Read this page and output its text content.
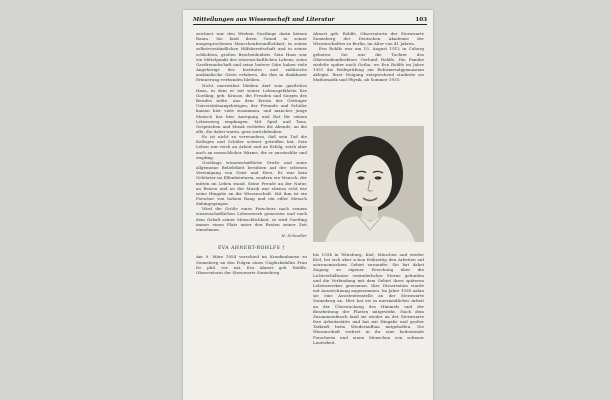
Mitteilungen aus Wissenschaft und Literatur	103

zeichnet war den Werken Goetlings darin keinen Raum. Sie fand ihren Grund in seiner ausgesprochenen Menschenfreundlichkeit, in seiner selbstverständlichen Hilfsbereitschaft und in seiner schlichten, großen Bescheidenheit. Sein Haus war ein Mittelpunkt des wissenschaftlichen Lebens; seine Gastfreundschaft und seine heitere Güte haben viele Angehörige des Institutes und zahlreiche ausländische Gäste erfahren, die ihm in dankbarer Erinnerung verbunden bleiben.

Nicht unerwähnt bleiben darf sein gastliches Haus, in dem er mit seiner Lebensgefährtin Ilse Goetling, geb. Krause, die Freuden und Sorgen des Berufes teilte. Aus dem Kreise der Göttinger Universitätsangehörigen, der Freunde und Schüler kamen hier viele zusammen, und mancher junge Mensch hat hier Anregung und Rat für seinen Lebensweg empfangen. Mit Spiel und Tanz, Gesprächen und Musik verliefen die Abende, an die alle, die dabei waren, gern zurückdenken.

Es ist nicht zu verwundern, daß sein Tod die Kollegen und Schüler schwer getroffen hat. Sein Leben war reich an Arbeit und an Erfolg, reich aber auch an menschlicher Wärme, die er ausstrahlte und empfing.

Goetlings wissenschaftliche Größe und seine allgemeine Beliebtheit beruhten auf der seltenen Vereinigung von Geist und Herz. Er war kein Gelehrter im Elfenbeinturm, sondern ein Mensch, der mitten im Leben stand. Seine Freude an der Natur, an Reisen und an der Musik war ebenso echt wie seine Hingabe an die Wissenschaft. Mit ihm ist ein Forscher von hohem Rang und ein edler Mensch dahingegangen.

Wird die Größe eines Forschers nach seinem wissenschaftlichen Lebenswerk gemessen und nach dem Gehalt seiner Menschlichkeit, so wird Goetling immer einen Platz unter den Besten seiner Zeit einnehmen.

H. Schneller
EVA AHNERT-ROHLFS †

Am 9. März 1954 verschied im Krankenhause zu Sonneberg an den Folgen eines Unglücksfalles Frau Dr. phil. rer. nat. Eva Ahnert geb. Rohlfs, Observatorin der Sternwarte Sonneberg

Ahnert geb. Rohlfs, Observatorin der Sternwarte Sonneberg der Deutschen Akademie der Wissenschaften zu Berlin, im Alter von 41 Jahren.

Eva Rohlfs war am 15. August 1912 in Coburg geboren. Sie war die Tochter des Oberstudiendirektors Gerhard Rohlfs. Die Familie siedelte später nach Gotha, wo Eva Rohlfs im Jahre 1931 die Reifeprüfung am Reformrealgymnasium ablegte. Ihrer Neigung entsprechend studierte sie Mathematik und Physik, ab Sommer 1931:

bis 1934 in Würzburg, Kiel, München und wieder Kiel, bei sich aber schon frühzeitig den Arbeiten auf astronomischem Gebiet zuwandte. Sie hat dabei Zugang zu eigener Forschung über die Lichtverhältnisse veränderlicher Sterne gefunden und die Verbindung mit dem Gebiet ihres späteren Lebenswerkes gewonnen. Ihre Dissertation wurde mit Auszeichnung angenommen. Im Jahre 1938 nahm sie eine Assistentenstelle an der Sternwarte Sonneberg an. Hier hat sie in unermüdlicher Arbeit an der Überwachung des Himmels und der Bearbeitung der Platten mitgewirkt. Nach dem Zusammenbruch fand sie wieder an der Sternwarte ihre Arbeitsstätte und hat mit Hingabe und großer Tatkraft beim Wiederaufbau mitgeholfen. Die Wissenschaft verliert in ihr eine bedeutende Forscherin und einen Menschen von seltener Lauterkeit.
